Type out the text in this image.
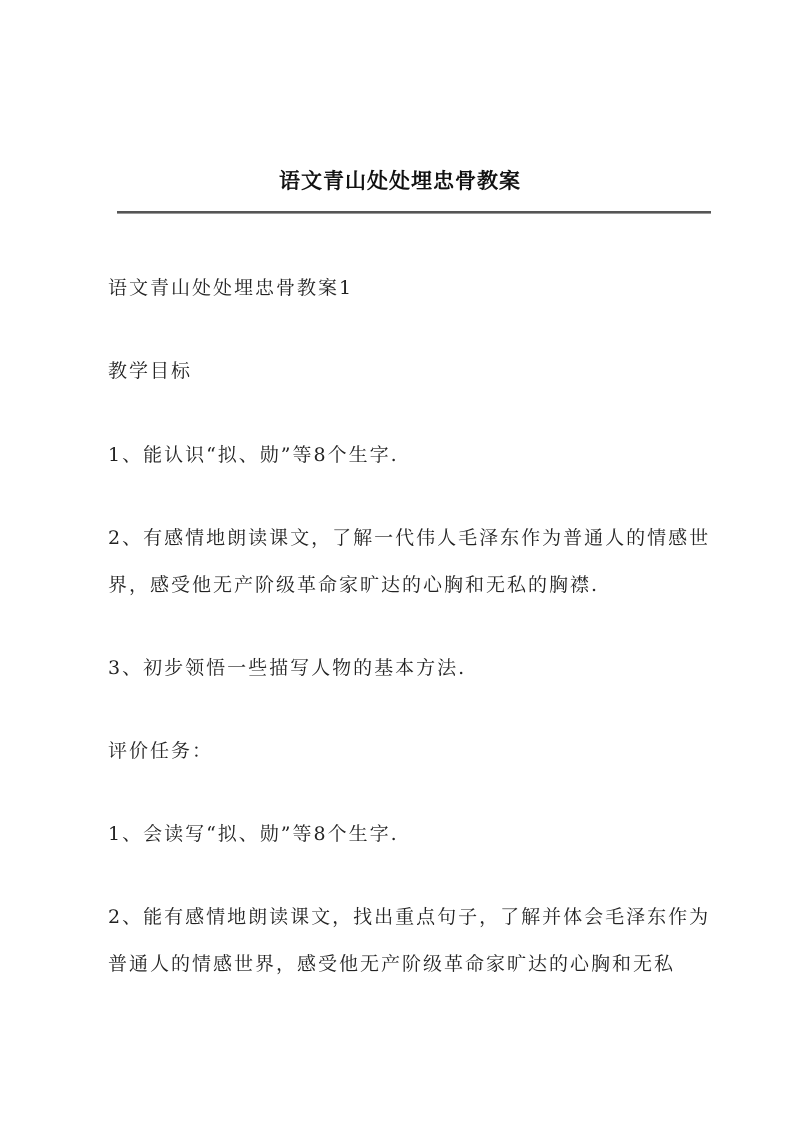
语文青山处处埋忠骨教案
语文青山处处埋忠骨教案1
教学目标
1、能认识“拟、勋”等8个生字.
2、有感情地朗读课文，了解一代伟人毛泽东作为普通人的情感世界，感受他无产阶级革命家旷达的心胸和无私的胸襟.
3、初步领悟一些描写人物的基本方法.
评价任务：
1、会读写“拟、勋”等8个生字.
2、能有感情地朗读课文，找出重点句子，了解并体会毛泽东作为普通人的情感世界，感受他无产阶级革命家旷达的心胸和无私
